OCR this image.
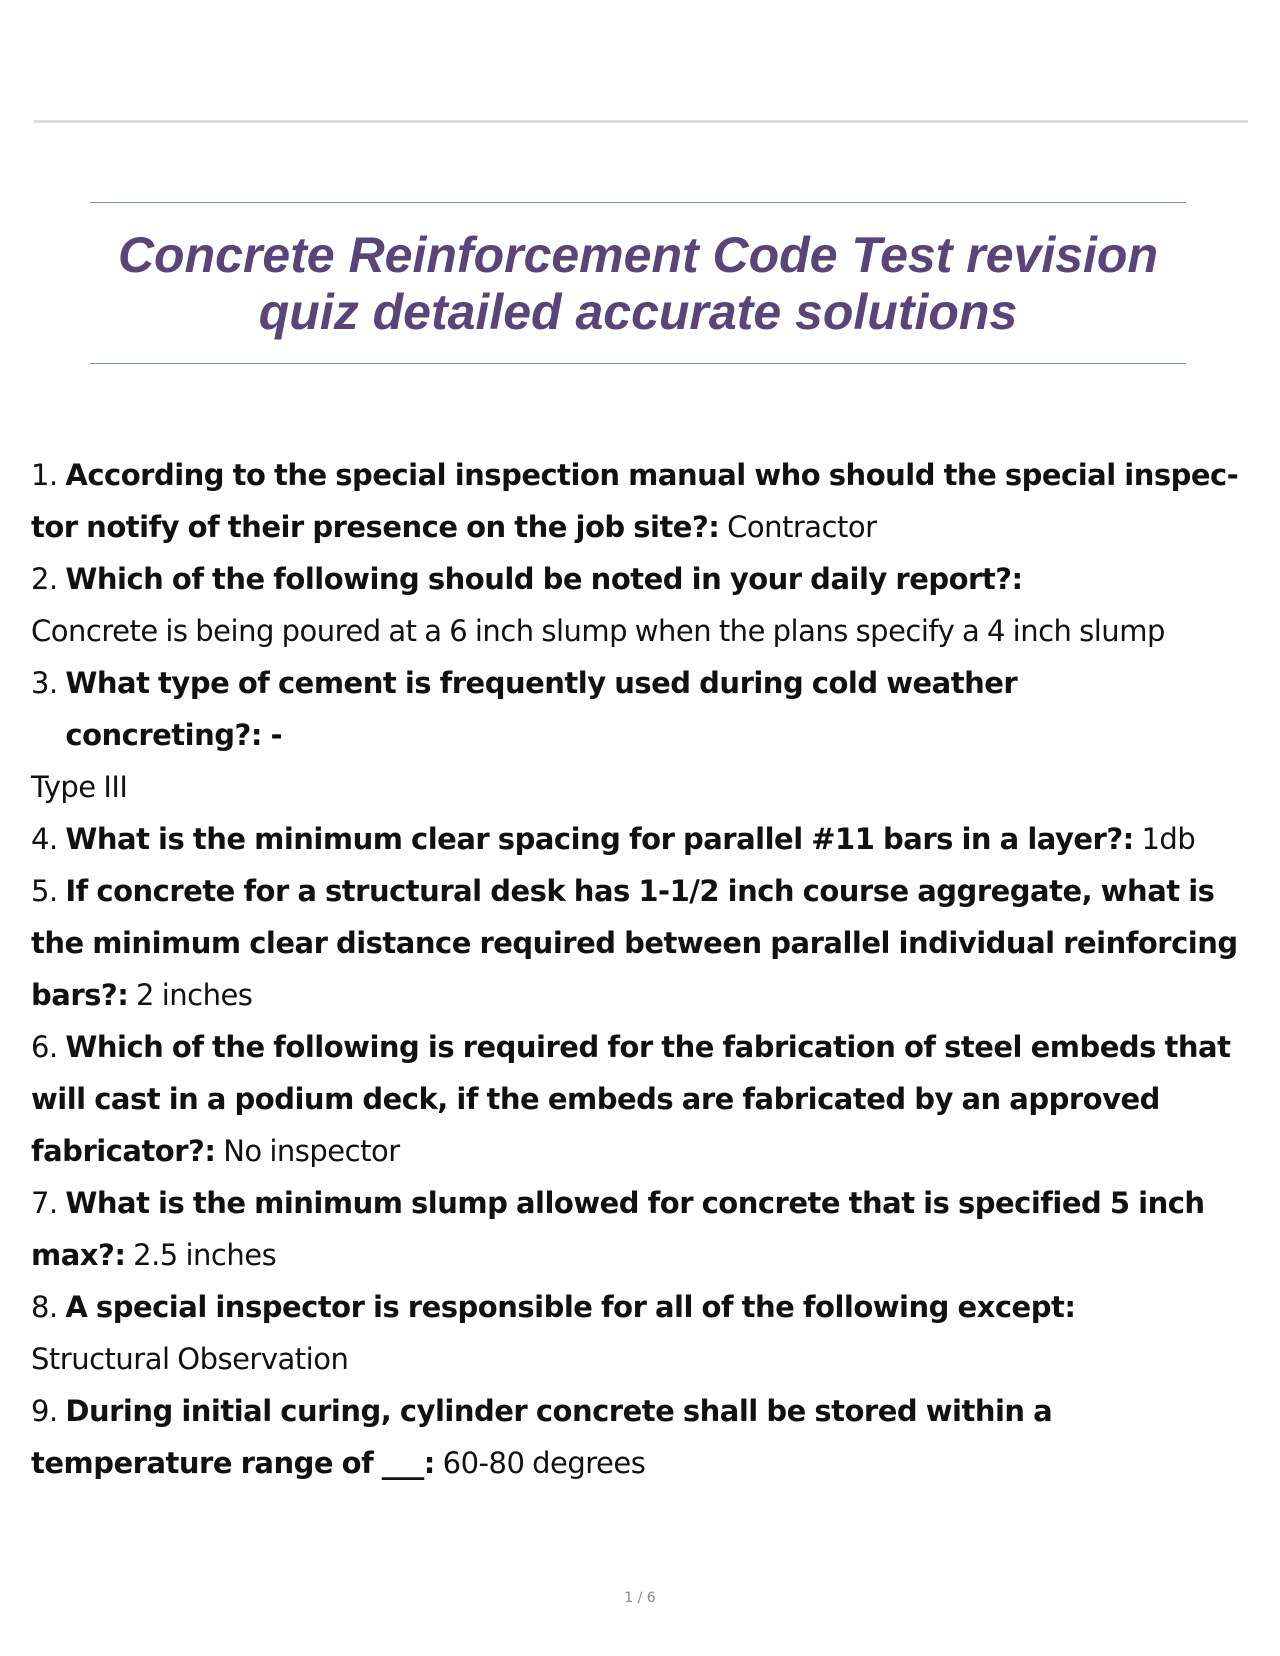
Concrete Reinforcement Code Test revision
quiz detailed accurate solutions

1. According to the special inspection manual who should the special inspec- tor notify of their presence on the job site?: Contractor

2. Which of the following should be noted in your daily report?:
Concrete is being poured at a 6 inch slump when the plans specify a 4 inch slump

3. What type of cement is frequently used during cold weather concreting?: -
Type III

4. What is the minimum clear spacing for parallel #11 bars in a layer?: 1db

5. If concrete for a structural desk has 1-1/2 inch course aggregate, what is the minimum clear distance required between parallel individual reinforcing bars?: 2 inches

6. Which of the following is required for the fabrication of steel embeds that will cast in a podium deck, if the embeds are fabricated by an approved fabricator?: No inspector

7. What is the minimum slump allowed for concrete that is specified 5 inch max?: 2.5 inches

8. A special inspector is responsible for all of the following except:
Structural Observation

9. During initial curing, cylinder concrete shall be stored within a temperature range of ___: 60-80 degrees

1 / 6
